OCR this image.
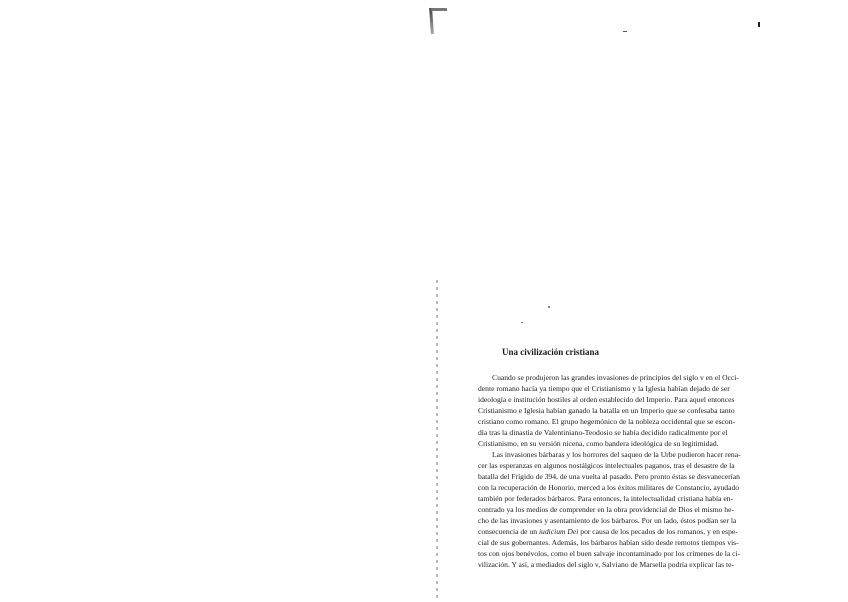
Una civilización cristiana

Cuando se produjeron las grandes invasiones de principios del siglo v en el Occi-
dente romano hacía ya tiempo que el Cristianismo y la Iglesia habían dejado de ser
ideología e institución hostiles al orden establecido del Imperio. Para aquel entonces
Cristianismo e Iglesia habían ganado la batalla en un Imperio que se confesaba tanto
cristiano como romano. El grupo hegemónico de la nobleza occidental que se escon-
día tras la dinastía de Valentiniano-Teodosio se había decidido radicalmente por el
Cristianismo, en su versión nicena, como bandera ideológica de su legitimidad.

Las invasiones bárbaras y los horrores del saqueo de la Urbe pudieron hacer rena-
cer las esperanzas en algunos nostálgicos intelectuales paganos, tras el desastre de la
batalla del Frígido de 394, de una vuelta al pasado. Pero pronto éstas se desvanecerían
con la recuperación de Honorio, merced a los éxitos militares de Constancio, ayudado
también por federados bárbaros. Para entonces, la intelectualidad cristiana había en-
contrado ya los medios de comprender en la obra providencial de Dios el mismo he-
cho de las invasiones y asentamiento de los bárbaros. Por un lado, éstos podían ser la
consecuencia de un iudicium Dei por causa de los pecados de los romanos, y en espe-
cial de sus gobernantes. Además, los bárbaros habían sido desde remotos tiempos vis-
tos con ojos benévolos, como el buen salvaje incontaminado por los crímenes de la ci-
vilización. Y así, a mediados del siglo v, Salviano de Marsella podría explicar las te-
